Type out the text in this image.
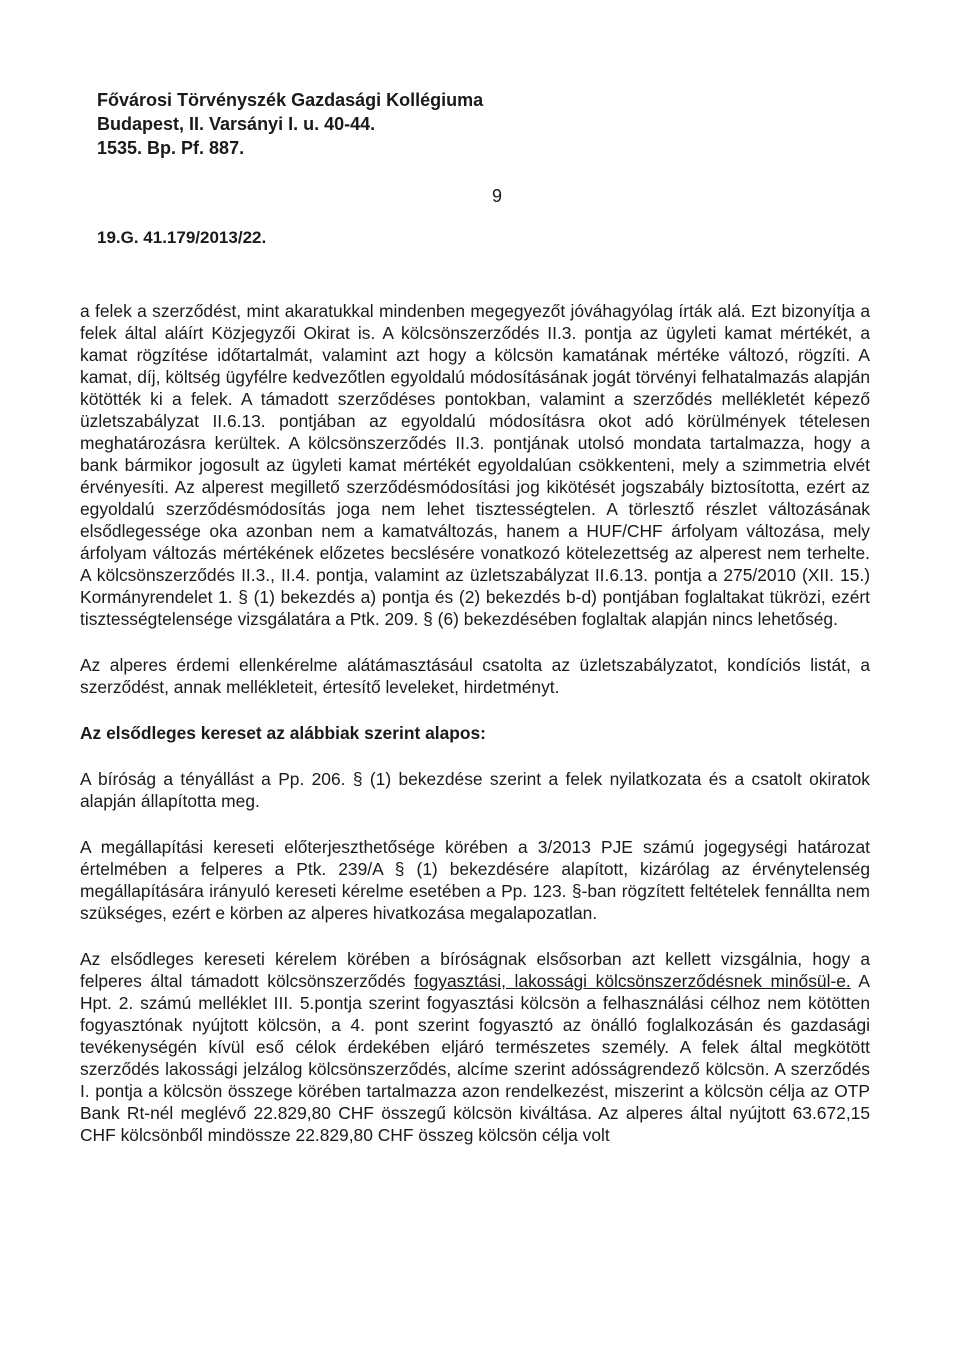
Fővárosi Törvényszék Gazdasági Kollégiuma
Budapest, II. Varsányi I. u. 40-44.
1535. Bp. Pf. 887.
9
19.G. 41.179/2013/22.

a felek a szerződést, mint akaratukkal mindenben megegyezőt jóváhagyólag írták alá. Ezt bizonyítja a felek által aláírt Közjegyzői Okirat is. A kölcsönszerződés II.3. pontja az ügyleti kamat mértékét, a kamat rögzítése időtartalmát, valamint azt hogy a kölcsön kamatának mértéke változó, rögzíti. A kamat, díj, költség ügyfélre kedvezőtlen egyoldalú módosításának jogát törvényi felhatalmazás alapján kötötték ki a felek. A támadott szerződéses pontokban, valamint a szerződés mellékletét képező üzletszabályzat II.6.13. pontjában az egyoldalú módosításra okot adó körülmények tételesen meghatározásra kerültek. A kölcsönszerződés II.3. pontjának utolsó mondata tartalmazza, hogy a bank bármikor jogosult az ügyleti kamat mértékét egyoldalúan csökkenteni, mely a szimmetria elvét érvényesíti. Az alperest megillető szerződésmódosítási jog kikötését jogszabály biztosította, ezért az egyoldalú szerződésmódosítás joga nem lehet tisztességtelen. A törlesztő részlet változásának elsődlegessége oka azonban nem a kamatváltozás, hanem a HUF/CHF árfolyam változása, mely árfolyam változás mértékének előzetes becslésére vonatkozó kötelezettség az alperest nem terhelte. A kölcsönszerződés II.3., II.4. pontja, valamint az üzletszabályzat II.6.13. pontja a 275/2010 (XII. 15.) Kormányrendelet 1. § (1) bekezdés a) pontja és (2) bekezdés b-d) pontjában foglaltakat tükrözi, ezért tisztességtelensége vizsgálatára a Ptk. 209. § (6) bekezdésében foglaltak alapján nincs lehetőség.

Az alperes érdemi ellenkérelme alátámasztásául csatolta az üzletszabályzatot, kondíciós listát, a szerződést, annak mellékleteit, értesítő leveleket, hirdetményt.

Az elsődleges kereset az alábbiak szerint alapos:

A bíróság a tényállást a Pp. 206. § (1) bekezdése szerint a felek nyilatkozata és a csatolt okiratok alapján állapította meg.

A megállapítási kereseti előterjeszthetősége körében a 3/2013 PJE számú jogegységi határozat értelmében a felperes a Ptk. 239/A § (1) bekezdésére alapított, kizárólag az érvénytelenség megállapítására irányuló kereseti kérelme esetében a Pp. 123. §-ban rögzített feltételek fennállta nem szükséges, ezért e körben az alperes hivatkozása megalapozatlan.

Az elsődleges kereseti kérelem körében a bíróságnak elsősorban azt kellett vizsgálnia, hogy a felperes által támadott kölcsönszerződés fogyasztási, lakossági kölcsönszerződésnek minősül-e. A Hpt. 2. számú melléklet III. 5.pontja szerint fogyasztási kölcsön a felhasználási célhoz nem kötötten fogyasztónak nyújtott kölcsön, a 4. pont szerint fogyasztó az önálló foglalkozásán és gazdasági tevékenységén kívül eső célok érdekében eljáró természetes személy. A felek által megkötött szerződés lakossági jelzálog kölcsönszerződés, alcíme szerint adósságrendező kölcsön. A szerződés I. pontja a kölcsön összege körében tartalmazza azon rendelkezést, miszerint a kölcsön célja az OTP Bank Rt-nél meglévő 22.829,80 CHF összegű kölcsön kiváltása. Az alperes által nyújtott 63.672,15 CHF kölcsönből mindössze 22.829,80 CHF összeg kölcsön célja volt
